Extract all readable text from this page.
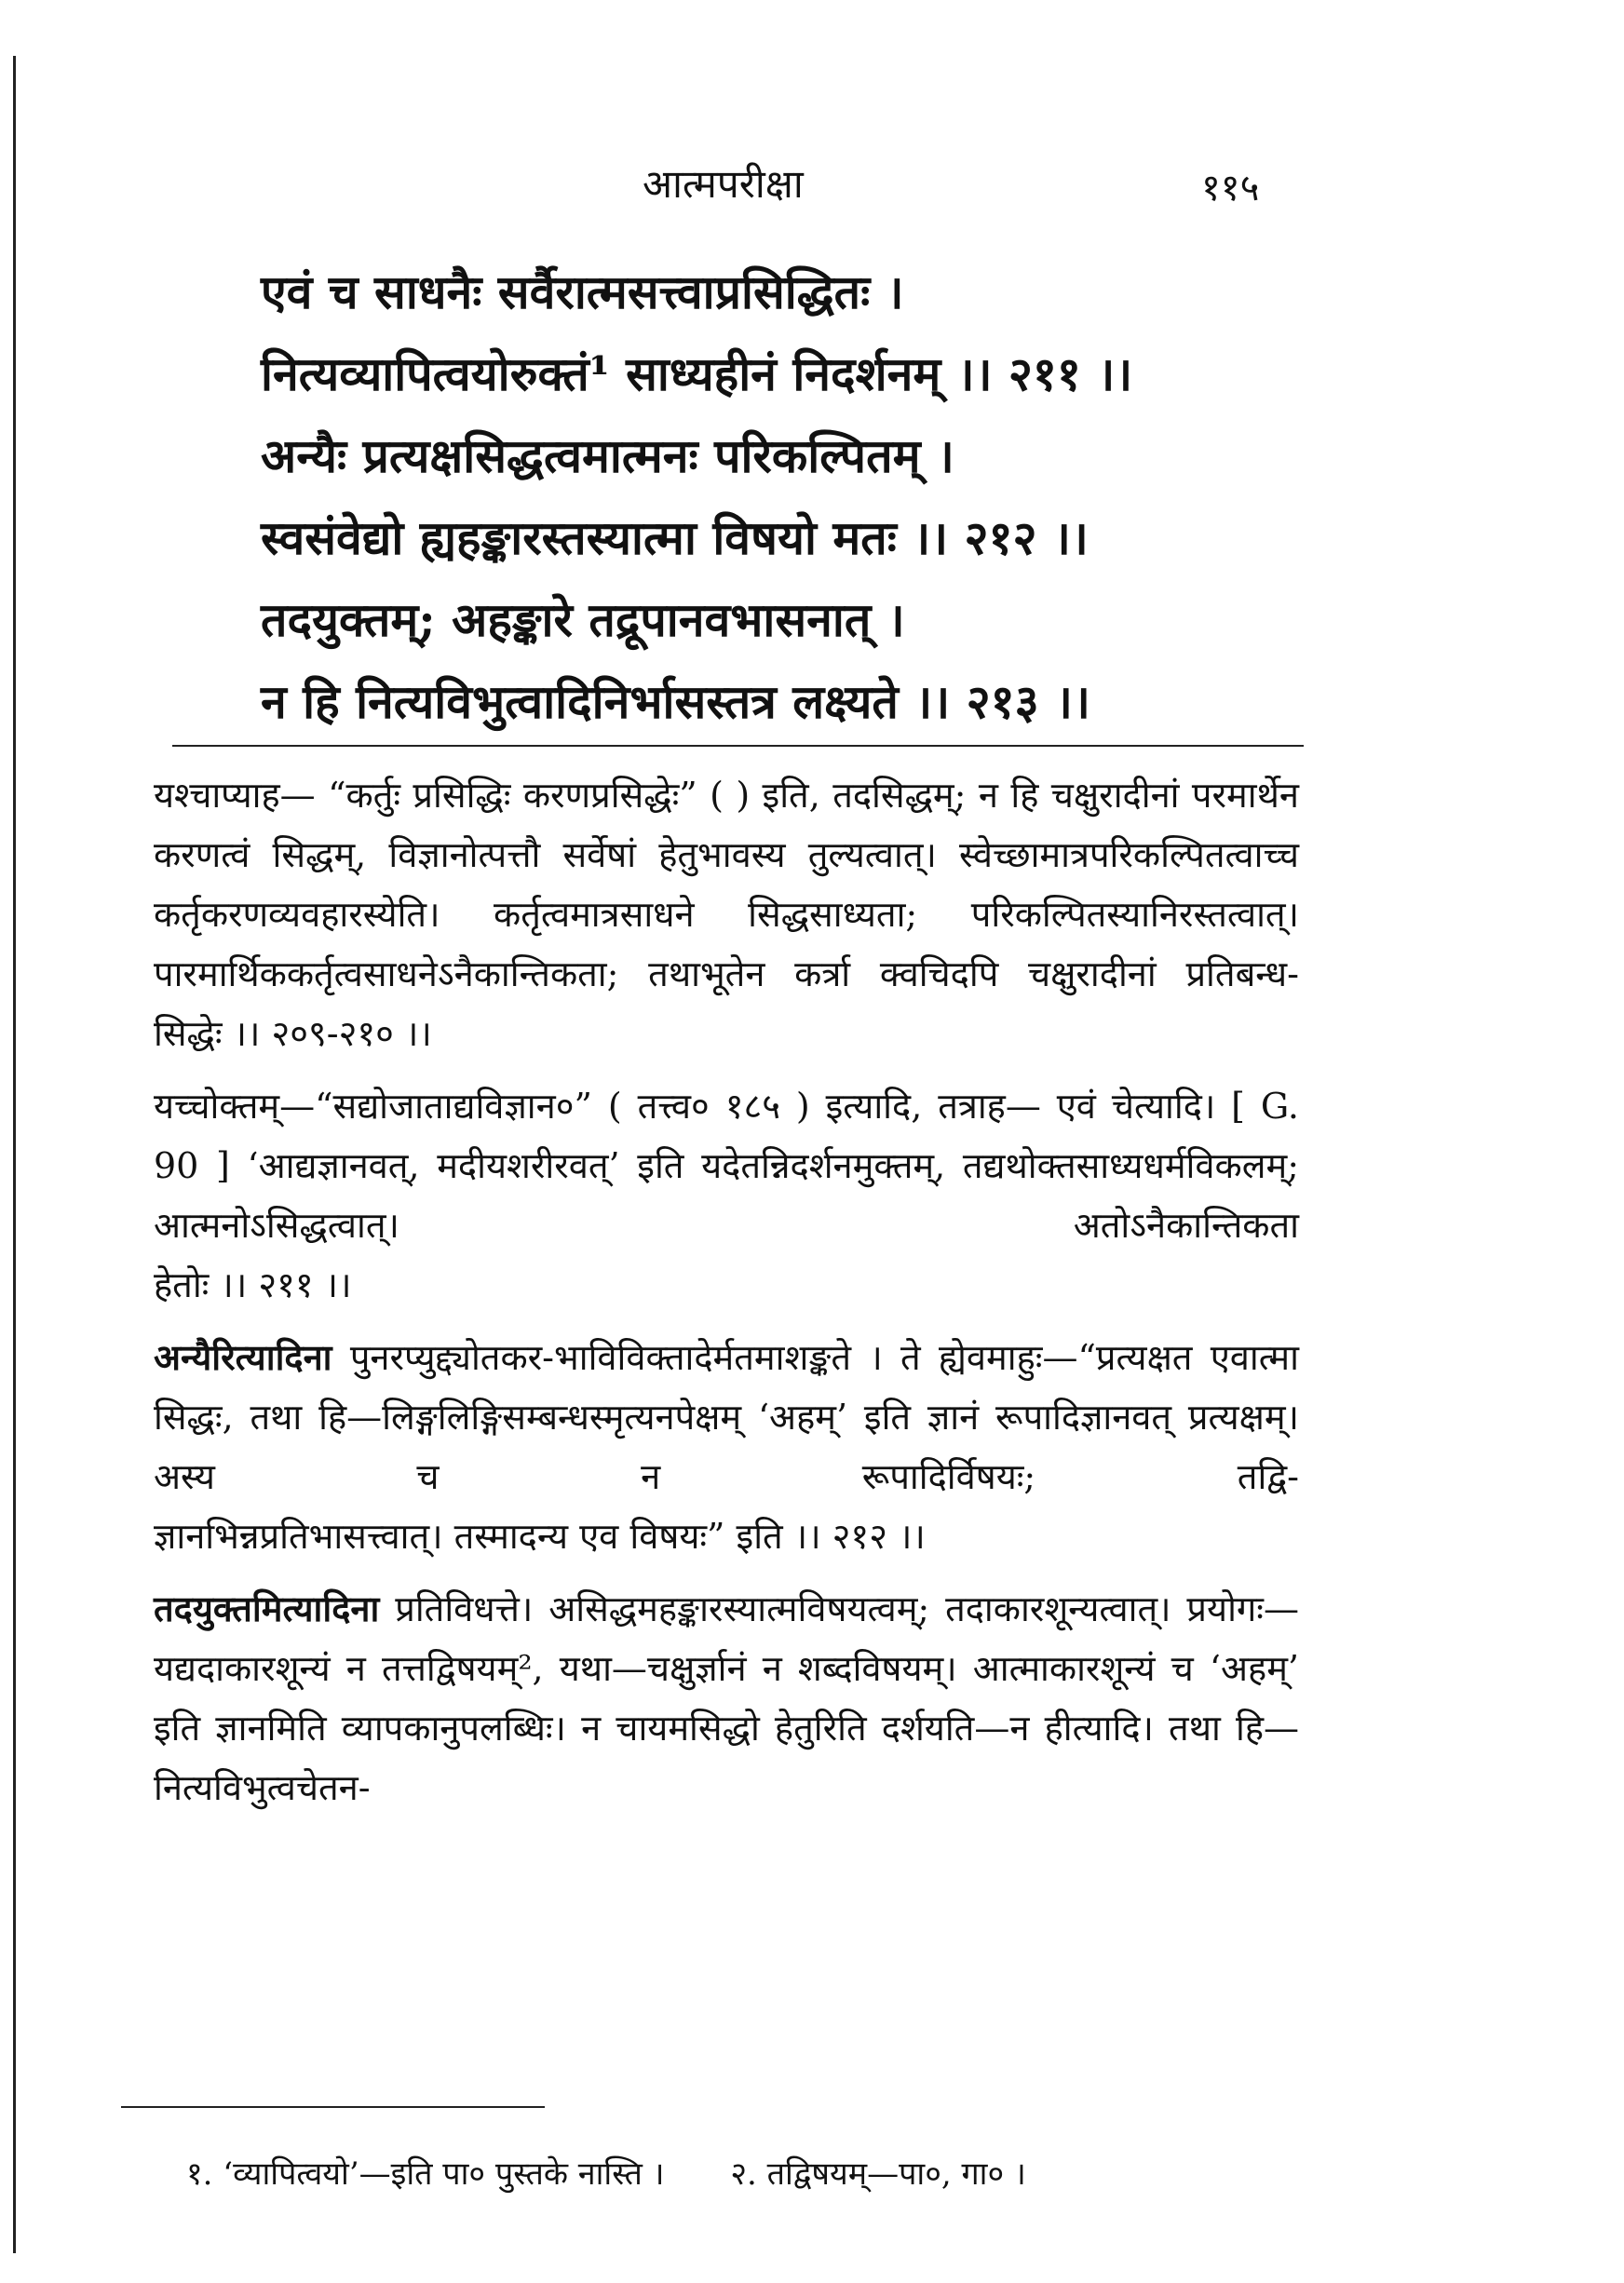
आत्मपरीक्षा	११५
एवं च साधनैः सर्वैरात्मसत्त्वाप्रसिद्धितः ।
नित्यव्यापित्वयोरुक्तं¹ साध्यहीनं निदर्शनम् ।। २११ ।।
अन्यैः प्रत्यक्षसिद्धत्वमात्मनः परिकल्पितम् ।
स्वसंवेद्यो ह्यहङ्कारस्तस्यात्मा विषयो मतः ।। २१२ ।।
तदयुक्तम्; अहङ्कारे तद्रूपानवभासनात् ।
न हि नित्यविभुत्वादिनिर्भासस्तत्र लक्ष्यते ।। २१३ ।।

यश्चाप्याह— “कर्तुः प्रसिद्धिः करणप्रसिद्धेः” ( ) इति, तदसिद्धम्; न हि चक्षुरादीनां परमार्थेन करणत्वं सिद्धम्, विज्ञानोत्पत्तौ सर्वेषां हेतुभावस्य तुल्यत्वात्। स्वेच्छामात्रपरिकल्पितत्वाच्च कर्तृकरणव्यवहारस्येति। कर्तृत्वमात्रसाधने सिद्धसाध्यता; परिकल्पितस्यानिरस्तत्वात्। पारमार्थिककर्तृत्वसाधनेऽनैकान्तिकता; तथाभूतेन कर्त्रा क्वचिदपि चक्षुरादीनां प्रतिबन्ध-
सिद्धेः ।। २०९-२१० ।।

यच्चोक्तम्—“सद्योजाताद्यविज्ञान०” ( तत्त्व० १८५ ) इत्यादि, तत्राह— एवं चेत्यादि। [ G. 90 ] ‘आद्यज्ञानवत्, मदीयशरीरवत्’ इति यदेतन्निदर्शनमुक्तम्, तद्यथोक्तसाध्यधर्मविकलम्; आत्मनोऽसिद्धत्वात्। अतोऽनैकान्तिकता
हेतोः ।। २११ ।।

अन्यैरित्यादिना पुनरप्युद्द्योतकर-भाविविक्तादेर्मतमाशङ्कते । ते ह्येवमाहुः—“प्रत्यक्षत एवात्मा सिद्धः, तथा हि—लिङ्गलिङ्गिसम्बन्धस्मृत्यनपेक्षम् ‘अहम्’ इति ज्ञानं रूपादिज्ञानवत् प्रत्यक्षम्। अस्य च न रूपादिर्विषयः; तद्वि-
ज्ञानभिन्नप्रतिभासत्त्वात्। तस्मादन्य एव विषयः” इति ।। २१२ ।।

तदयुक्तमित्यादिना प्रतिविधत्ते। असिद्धमहङ्कारस्यात्मविषयत्वम्; तदाकारशून्यत्वात्। प्रयोगः—यद्यदाकारशून्यं न तत्तद्विषयम्², यथा—चक्षुर्ज्ञानं न शब्दविषयम्। आत्माकारशून्यं च ‘अहम्’ इति ज्ञानमिति व्यापकानुपलब्धिः। न चायमसिद्धो हेतुरिति दर्शयति—न हीत्यादि। तथा हि—नित्यविभुत्वचेतन-

१. ‘व्यापित्वयो’—इति पा० पुस्तके नास्ति । २. तद्विषयम्—पा०, गा० ।
